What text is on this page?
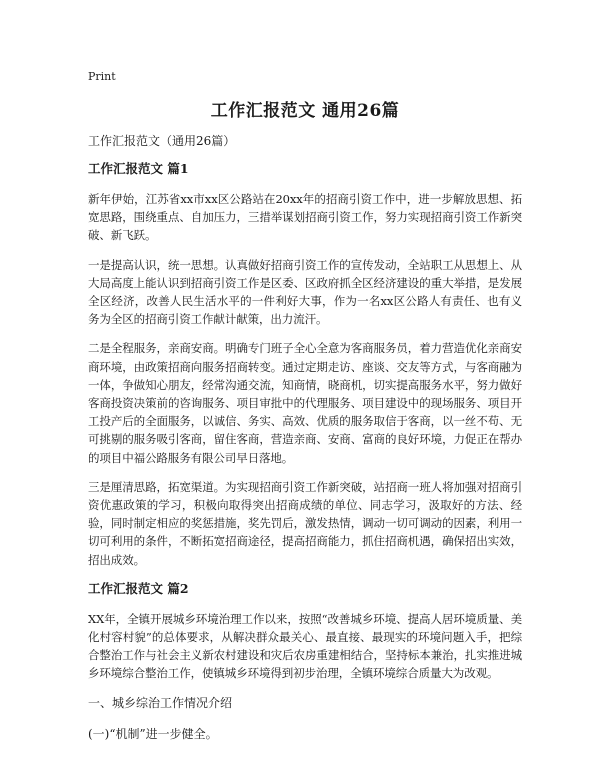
Print
工作汇报范文 通用26篇

工作汇报范文（通用26篇）

工作汇报范文 篇1

新年伊始，江苏省xx市xx区公路站在20xx年的招商引资工作中，进一步解放思想、拓宽思路，围绕重点、自加压力，三措举谋划招商引资工作，努力实现招商引资工作新突破、新飞跃。

一是提高认识，统一思想。认真做好招商引资工作的宣传发动，全站职工从思想上、从大局高度上能认识到招商引资工作是区委、区政府抓全区经济建设的重大举措，是发展全区经济，改善人民生活水平的一件利好大事，作为一名xx区公路人有责任、也有义务为全区的招商引资工作献计献策，出力流汗。

二是全程服务，亲商安商。明确专门班子全心全意为客商服务员，着力营造优化亲商安商环境，由政策招商向服务招商转变。通过定期走访、座谈、交友等方式，与客商融为一体，争做知心朋友，经常沟通交流，知商情，晓商机，切实提高服务水平，努力做好客商投资决策前的咨询服务、项目审批中的代理服务、项目建设中的现场服务、项目开工投产后的全面服务，以诚信、务实、高效、优质的服务取信于客商，以一丝不苟、无可挑剔的服务吸引客商，留住客商，营造亲商、安商、富商的良好环境，力促正在帮办的项目中福公路服务有限公司早日落地。

三是厘清思路，拓宽渠道。为实现招商引资工作新突破，站招商一班人将加强对招商引资优惠政策的学习，积极向取得突出招商成绩的单位、同志学习，汲取好的方法、经验，同时制定相应的奖惩措施，奖先罚后，激发热情，调动一切可调动的因素，利用一切可利用的条件，不断拓宽招商途径，提高招商能力，抓住招商机遇，确保招出实效，招出成效。

工作汇报范文 篇2

XX年，全镇开展城乡环境治理工作以来，按照“改善城乡环境、提高人居环境质量、美化村容村貌”的总体要求，从解决群众最关心、最直接、最现实的环境问题入手，把综合整治工作与社会主义新农村建设和灾后农房重建相结合，坚持标本兼治，扎实推进城乡环境综合整治工作，使镇城乡环境得到初步治理，全镇环境综合质量大为改观。

一、城乡综治工作情况介绍

(一)“机制”进一步健全。
